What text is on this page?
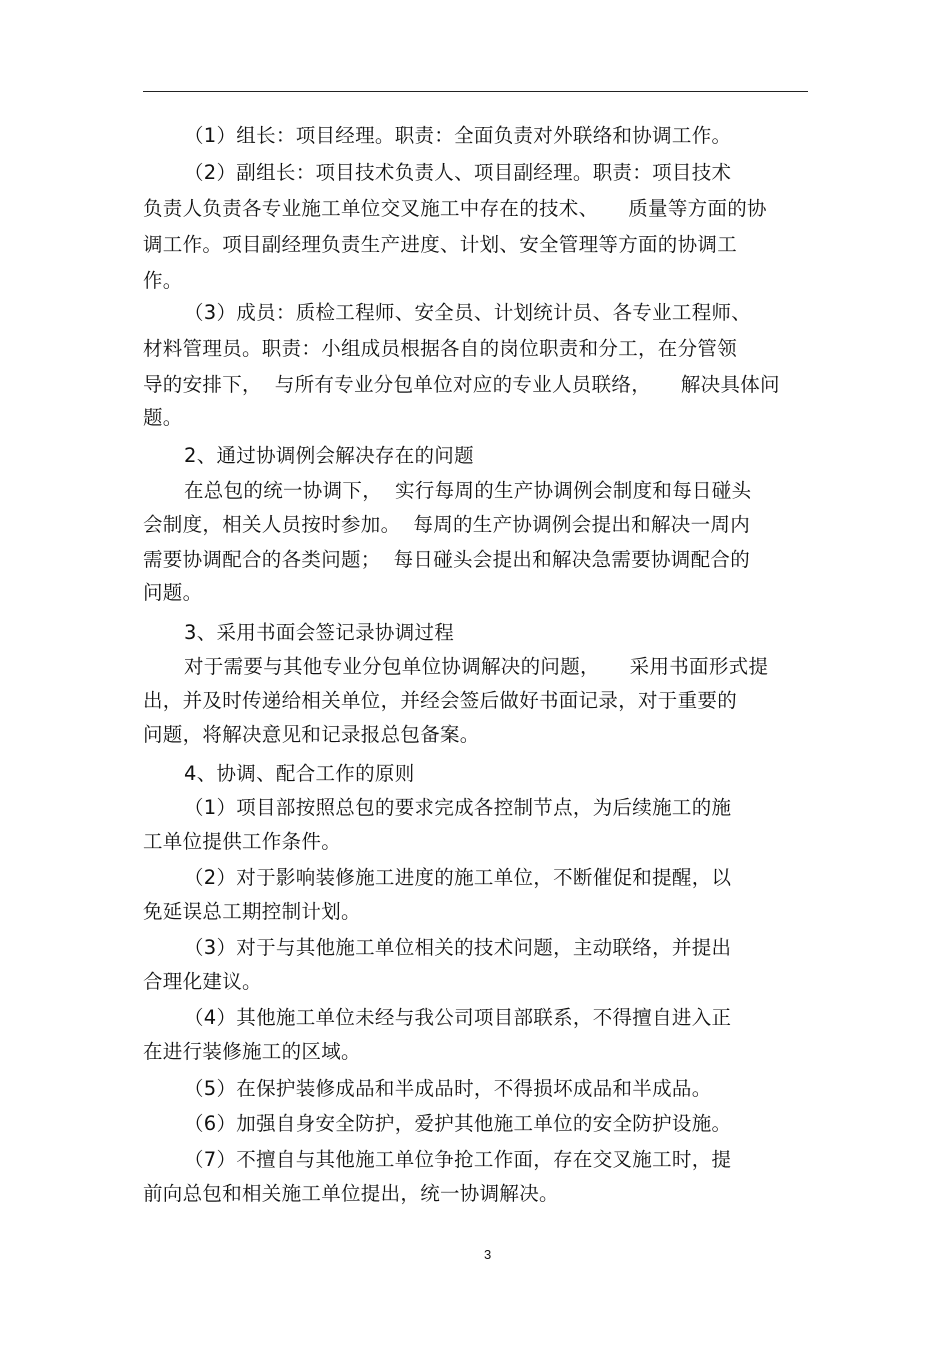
（1）组长：项目经理。职责：全面负责对外联络和协调工作。
（2）副组长：项目技术负责人、项目副经理。职责：项目技术
负责人负责各专业施工单位交叉施工中存在的技术、　　质量等方面的协
调工作。项目副经理负责生产进度、计划、安全管理等方面的协调工
作。
（3）成员：质检工程师、安全员、计划统计员、各专业工程师、
材料管理员。职责：小组成员根据各自的岗位职责和分工，在分管领
导的安排下，  与所有专业分包单位对应的专业人员联络，　　解决具体问
题。
2、通过协调例会解决存在的问题
在总包的统一协调下，  实行每周的生产协调例会制度和每日碰头
会制度，相关人员按时参加。  每周的生产协调例会提出和解决一周内
需要协调配合的各类问题；  每日碰头会提出和解决急需要协调配合的
问题。
3、采用书面会签记录协调过程
对于需要与其他专业分包单位协调解决的问题，　　采用书面形式提
出，并及时传递给相关单位，并经会签后做好书面记录，对于重要的
问题，将解决意见和记录报总包备案。
4、协调、配合工作的原则
（1）项目部按照总包的要求完成各控制节点，为后续施工的施
工单位提供工作条件。
（2）对于影响装修施工进度的施工单位，不断催促和提醒，以
免延误总工期控制计划。
（3）对于与其他施工单位相关的技术问题，主动联络，并提出
合理化建议。
（4）其他施工单位未经与我公司项目部联系，不得擅自进入正
在进行装修施工的区域。
（5）在保护装修成品和半成品时，不得损坏成品和半成品。
（6）加强自身安全防护，爱护其他施工单位的安全防护设施。
（7）不擅自与其他施工单位争抢工作面，存在交叉施工时，提
前向总包和相关施工单位提出，统一协调解决。
3
